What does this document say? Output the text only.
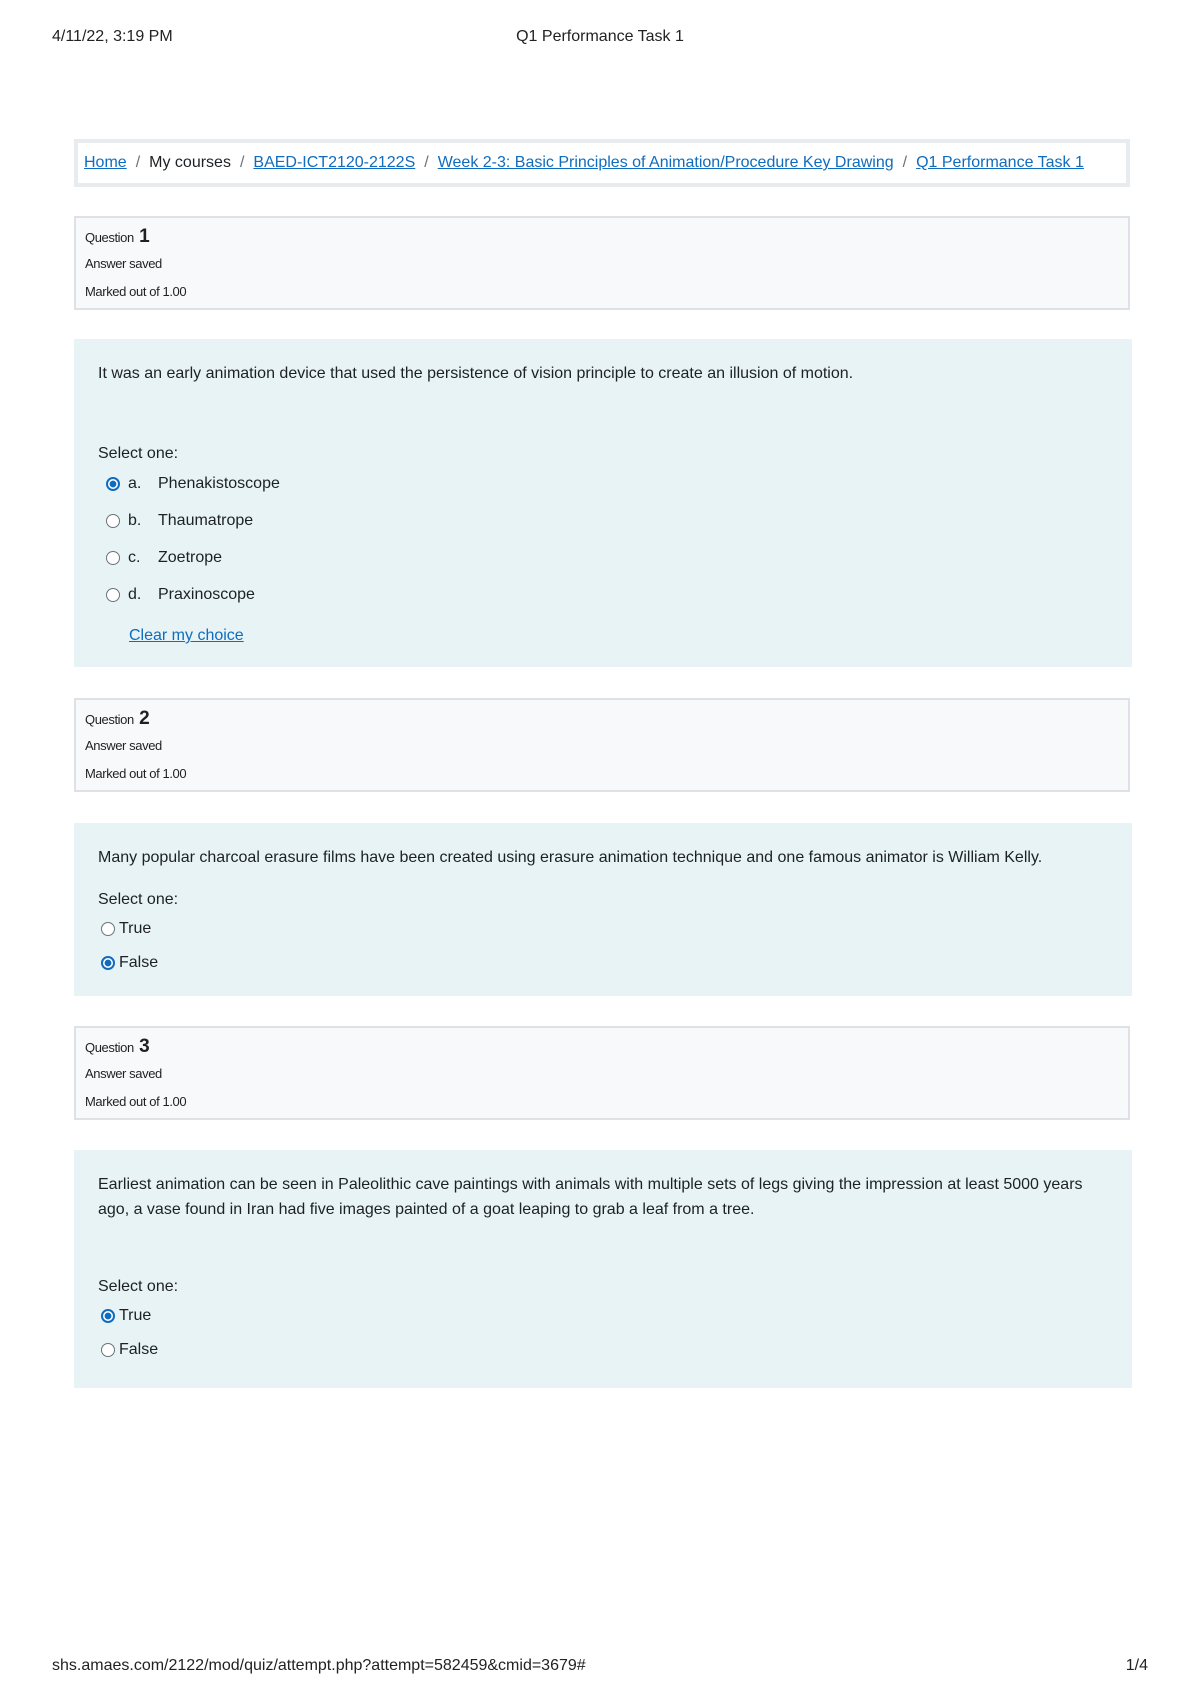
4/11/22, 3:19 PM	Q1 Performance Task 1
Home / My courses / BAED-ICT2120-2122S / Week 2-3: Basic Principles of Animation/Procedure Key Drawing / Q1 Performance Task 1
Question 1
Answer saved
Marked out of 1.00
It was an early animation device that used the persistence of vision principle to create an illusion of motion.
Select one:
a.	Phenakistoscope
b.	Thaumatrope
c.	Zoetrope
d.	Praxinoscope
Clear my choice
Question 2
Answer saved
Marked out of 1.00
Many popular charcoal erasure films have been created using erasure animation technique and one famous animator is William Kelly.
Select one:
True
False
Question 3
Answer saved
Marked out of 1.00
Earliest animation can be seen in Paleolithic cave paintings with animals with multiple sets of legs giving the impression at least 5000 years ago, a vase found in Iran had five images painted of a goat leaping to grab a leaf from a tree.
Select one:
True
False
shs.amaes.com/2122/mod/quiz/attempt.php?attempt=582459&cmid=3679#	1/4
